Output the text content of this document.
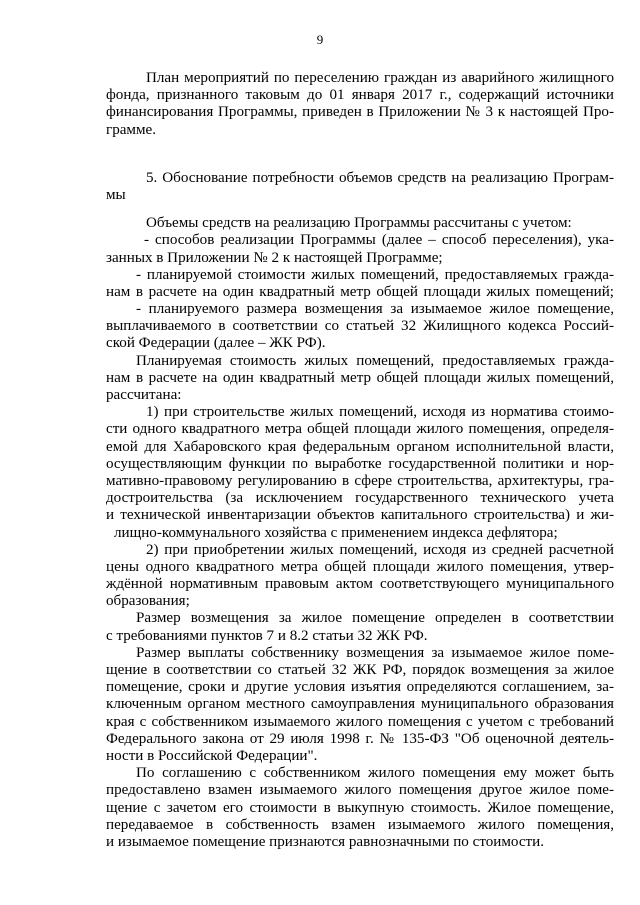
9
План мероприятий по переселению граждан из аварийного жилищного
фонда, признанного таковым до 01 января 2017 г., содержащий источники
финансирования Программы, приведен в Приложении № 3 к настоящей Про-
грамме.
5. Обоснование потребности объемов средств на реализацию Програм-
мы
Объемы средств на реализацию Программы рассчитаны с учетом:
- способов реализации Программы (далее – способ переселения), ука-
занных в Приложении № 2 к настоящей Программе;
- планируемой стоимости жилых помещений, предоставляемых гражда-
нам в расчете на один квадратный метр общей площади жилых помещений;
- планируемого размера возмещения за изымаемое жилое помещение,
выплачиваемого в соответствии со статьей 32 Жилищного кодекса Россий-
ской Федерации (далее – ЖК РФ).
Планируемая стоимость жилых помещений, предоставляемых гражда-
нам в расчете на один квадратный метр общей площади жилых помещений,
рассчитана:
1) при строительстве жилых помещений, исходя из норматива стоимо-
сти одного квадратного метра общей площади жилого помещения, определя-
емой для Хабаровского края федеральным органом исполнительной власти,
осуществляющим функции по выработке государственной политики и нор-
мативно-правовому регулированию в сфере строительства, архитектуры, гра-
достроительства (за исключением государственного технического учета
и технической инвентаризации объектов капитального строительства) и жи-
лищно-коммунального хозяйства с применением индекса дефлятора;
2) при приобретении жилых помещений, исходя из средней расчетной
цены одного квадратного метра общей площади жилого помещения, утвер-
ждённой нормативным правовым актом соответствующего муниципального
образования;
Размер возмещения за жилое помещение определен в соответствии
с требованиями пунктов 7 и 8.2 статьи 32 ЖК РФ.
Размер выплаты собственнику возмещения за изымаемое жилое поме-
щение в соответствии со статьей 32 ЖК РФ, порядок возмещения за жилое
помещение, сроки и другие условия изъятия определяются соглашением, за-
ключенным органом местного самоуправления муниципального образования
края с собственником изымаемого жилого помещения с учетом с требований
Федерального закона от 29 июля 1998 г. № 135-ФЗ "Об оценочной деятель-
ности в Российской Федерации".
По соглашению с собственником жилого помещения ему может быть
предоставлено взамен изымаемого жилого помещения другое жилое поме-
щение с зачетом его стоимости в выкупную стоимость. Жилое помещение,
передаваемое в собственность взамен изымаемого жилого помещения,
и изымаемое помещение признаются равнозначными по стоимости.
